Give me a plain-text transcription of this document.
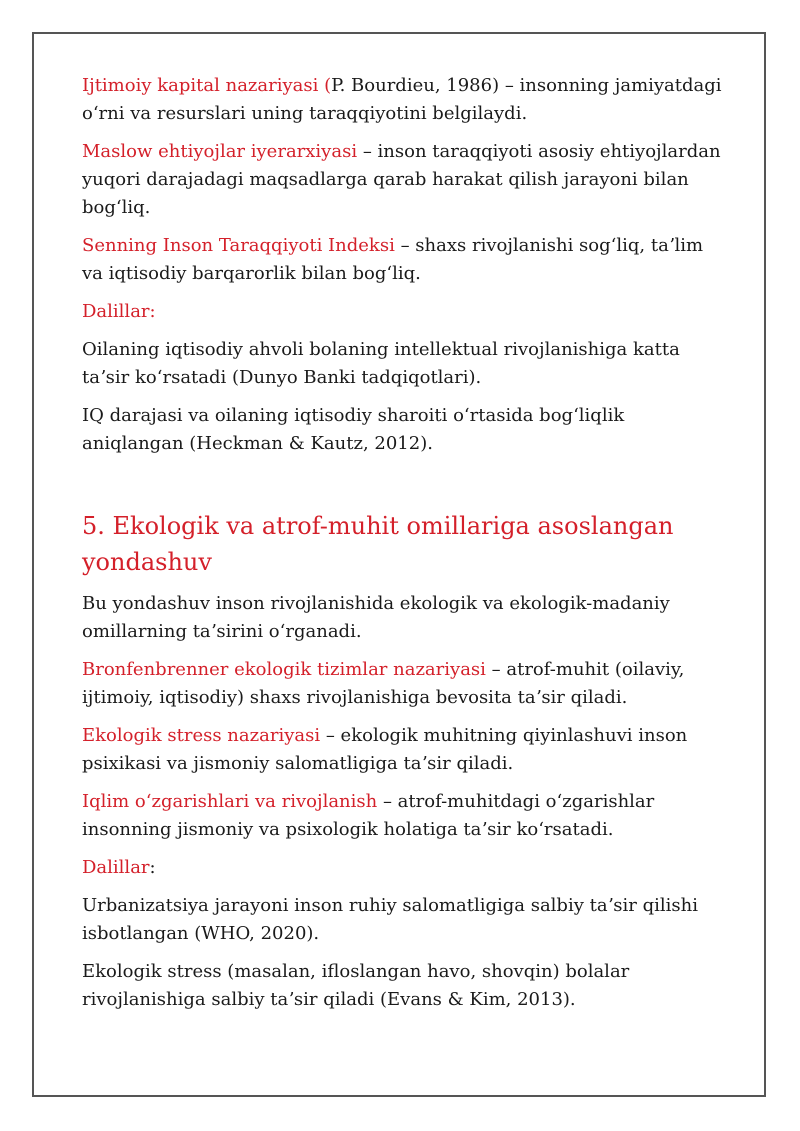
Ijtimoiy kapital nazariyasi (P. Bourdieu, 1986) – insonning jamiyatdagi oʻrni va resurslari uning taraqqiyotini belgilaydi.

Maslow ehtiyojlar iyerarxiyasi – inson taraqqiyoti asosiy ehtiyojlardan yuqori darajadagi maqsadlarga qarab harakat qilish jarayoni bilan bogʻliq.

Senning Inson Taraqqiyoti Indeksi – shaxs rivojlanishi sogʻliq, taʼlim va iqtisodiy barqarorlik bilan bogʻliq.

Dalillar:

Oilaning iqtisodiy ahvoli bolaning intellektual rivojlanishiga katta taʼsir koʻrsatadi (Dunyo Banki tadqiqotlari).

IQ darajasi va oilaning iqtisodiy sharoiti oʻrtasida bogʻliqlik aniqlangan (Heckman & Kautz, 2012).

5. Ekologik va atrof-muhit omillariga asoslangan yondashuv

Bu yondashuv inson rivojlanishida ekologik va ekologik-madaniy omillarning taʼsirini oʻrganadi.

Bronfenbrenner ekologik tizimlar nazariyasi – atrof-muhit (oilaviy, ijtimoiy, iqtisodiy) shaxs rivojlanishiga bevosita taʼsir qiladi.

Ekologik stress nazariyasi – ekologik muhitning qiyinlashuvi inson psixikasi va jismoniy salomatligiga taʼsir qiladi.

Iqlim oʻzgarishlari va rivojlanish – atrof-muhitdagi oʻzgarishlar insonning jismoniy va psixologik holatiga taʼsir koʻrsatadi.

Dalillar:

Urbanizatsiya jarayoni inson ruhiy salomatligiga salbiy taʼsir qilishi isbotlangan (WHO, 2020).

Ekologik stress (masalan, ifloslangan havo, shovqin) bolalar rivojlanishiga salbiy taʼsir qiladi (Evans & Kim, 2013).
